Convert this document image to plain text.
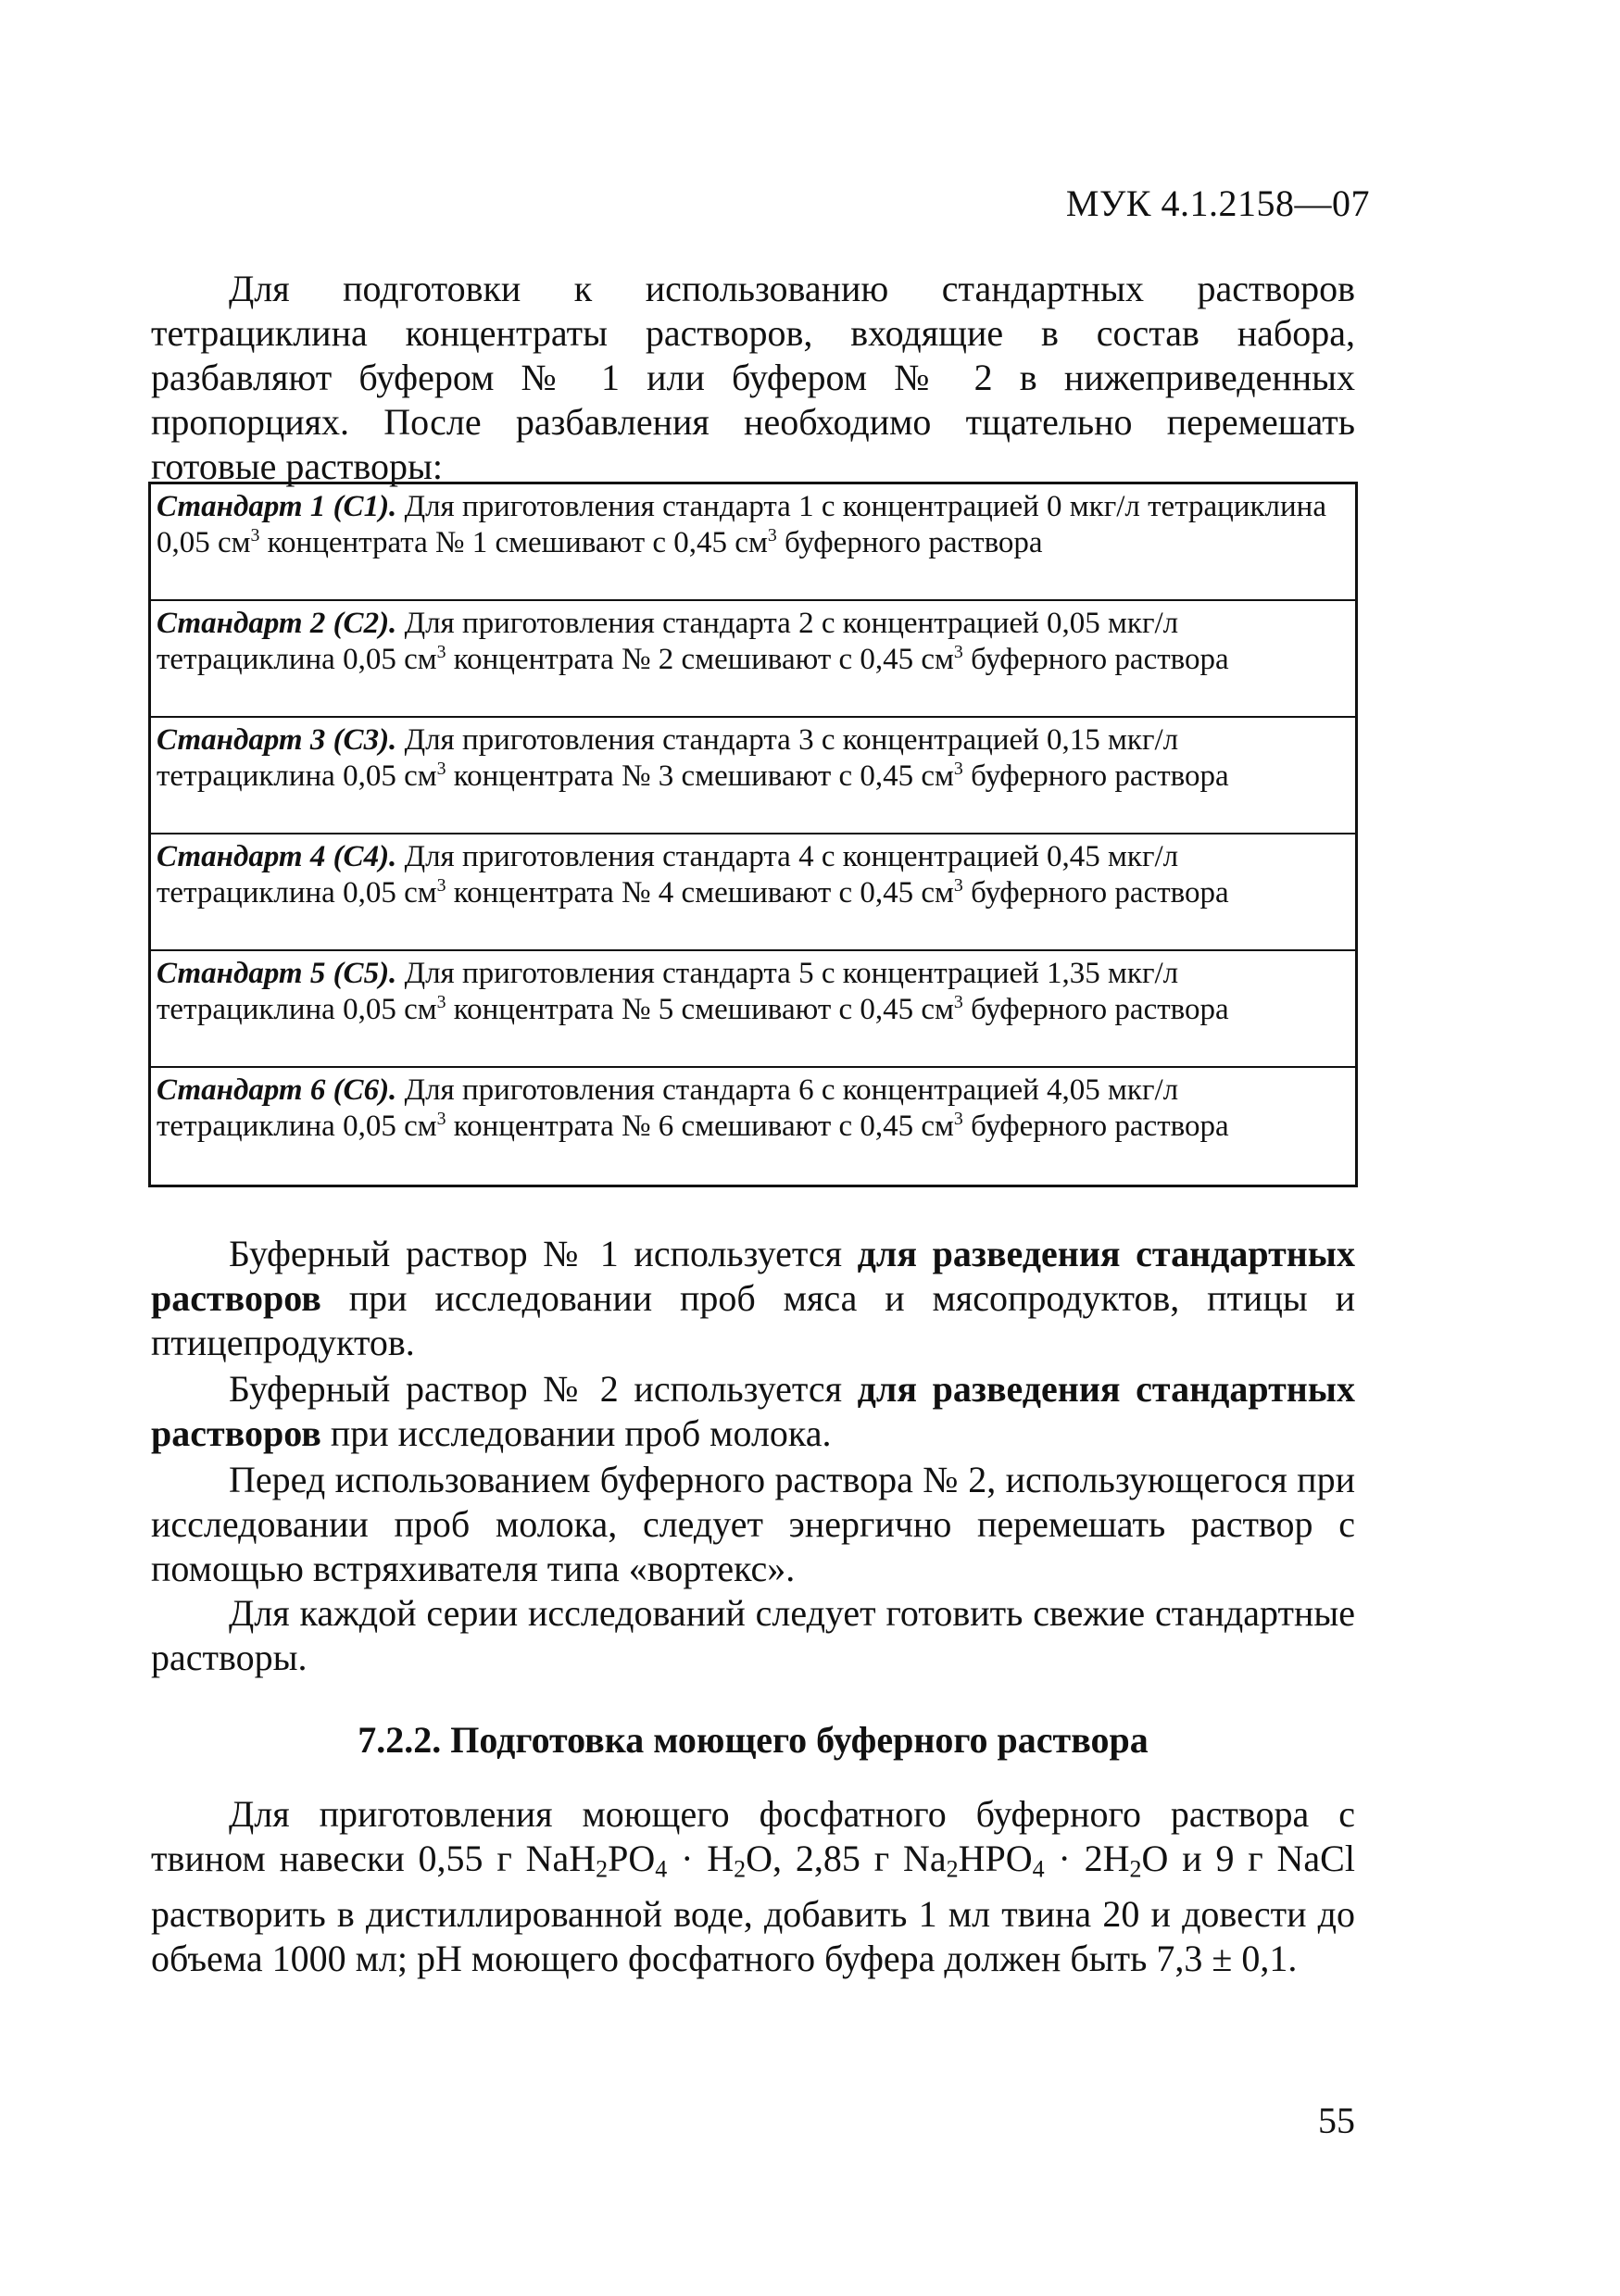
МУК 4.1.2158—07
Для подготовки к использованию стандартных растворов тетрациклина концентраты растворов, входящие в состав набора, разбавляют буфером № 1 или буфером № 2 в нижеприведенных пропорциях. После разбавления необходимо тщательно перемешать готовые растворы:
Стандарт 1 (С1). Для приготовления стандарта 1 с концентрацией 0 мкг/л тетрациклина 0,05 $см^3$ концентрата № 1 смешивают с 0,45 $см^3$ буферного раствора
Стандарт 2 (С2). Для приготовления стандарта 2 с концентрацией 0,05 мкг/л тетрациклина 0,05 $см^3$ концентрата № 2 смешивают с 0,45 $см^3$ буферного раствора
Стандарт 3 (С3). Для приготовления стандарта 3 с концентрацией 0,15 мкг/л тетрациклина 0,05 $см^3$ концентрата № 3 смешивают с 0,45 $см^3$ буферного раствора
Стандарт 4 (С4). Для приготовления стандарта 4 с концентрацией 0,45 мкг/л тетрациклина 0,05 $см^3$ концентрата № 4 смешивают с 0,45 $см^3$ буферного раствора
Стандарт 5 (С5). Для приготовления стандарта 5 с концентрацией 1,35 мкг/л тетрациклина 0,05 $см^3$ концентрата № 5 смешивают с 0,45 $см^3$ буферного раствора
Стандарт 6 (С6). Для приготовления стандарта 6 с концентрацией 4,05 мкг/л тетрациклина 0,05 $см^3$ концентрата № 6 смешивают с 0,45 $см^3$ буферного раствора
Буферный раствор № 1 используется для разведения стандартных растворов при исследовании проб мяса и мясопродуктов, птицы и птицепродуктов.
Буферный раствор № 2 используется для разведения стандартных растворов при исследовании проб молока.
Перед использованием буферного раствора № 2, использующегося при исследовании проб молока, следует энергично перемешать раствор с помощью встряхивателя типа «вортекс».
Для каждой серии исследований следует готовить свежие стандартные растворы.
7.2.2. Подготовка моющего буферного раствора
Для приготовления моющего фосфатного буферного раствора с твином навески 0,55 г $NaH_2PO_4 \cdot H_2O$, 2,85 г $Na_2HPO_4 \cdot 2H_2O$ и 9 г NaCl растворить в дистиллированной воде, добавить 1 мл твина 20 и довести до объема 1000 мл; pH моющего фосфатного буфера должен быть 7,3 ± 0,1.
55
